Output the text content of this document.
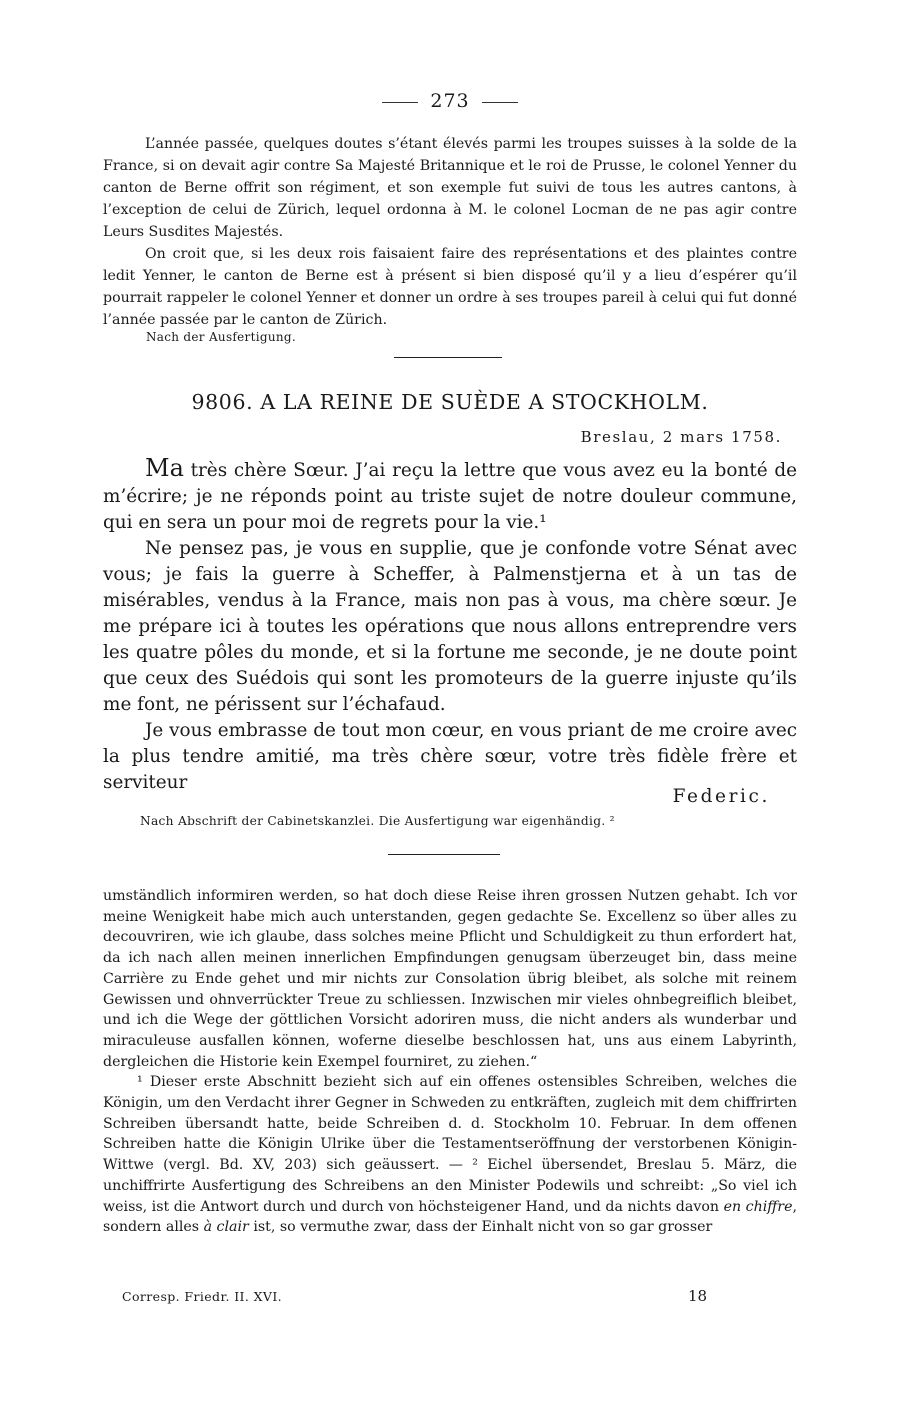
273

L’année passée, quelques doutes s’étant élevés parmi les troupes suisses à la solde de la France, si on devait agir contre Sa Majesté Britannique et le roi de Prusse, le colonel Yenner du canton de Berne offrit son régiment, et son exemple fut suivi de tous les autres cantons, à l’exception de celui de Zürich, lequel ordonna à M. le colonel Locman de ne pas agir contre Leurs Susdites Majestés.

On croit que, si les deux rois faisaient faire des représentations et des plaintes contre ledit Yenner, le canton de Berne est à présent si bien disposé qu’il y a lieu d’espérer qu’il pourrait rappeler le colonel Yenner et donner un ordre à ses troupes pareil à celui qui fut donné l’année passée par le canton de Zürich.

Nach der Ausfertigung.
9806. A LA REINE DE SUÈDE A STOCKHOLM.
Breslau, 2 mars 1758.

Ma très chère Sœur. J’ai reçu la lettre que vous avez eu la bonté de m’écrire; je ne réponds point au triste sujet de notre douleur commune, qui en sera un pour moi de regrets pour la vie.¹

Ne pensez pas, je vous en supplie, que je confonde votre Sénat avec vous; je fais la guerre à Scheffer, à Palmenstjerna et à un tas de misérables, vendus à la France, mais non pas à vous, ma chère sœur. Je me prépare ici à toutes les opérations que nous allons entreprendre vers les quatre pôles du monde, et si la fortune me seconde, je ne doute point que ceux des Suédois qui sont les promoteurs de la guerre injuste qu’ils me font, ne périssent sur l’échafaud.

Je vous embrasse de tout mon cœur, en vous priant de me croire avec la plus tendre amitié, ma très chère sœur, votre très fidèle frère et serviteur

Federic.
Nach Abschrift der Cabinetskanzlei. Die Ausfertigung war eigenhändig. ²

umständlich informiren werden, so hat doch diese Reise ihren grossen Nutzen gehabt. Ich vor meine Wenigkeit habe mich auch unterstanden, gegen gedachte Se. Excellenz so über alles zu decouvriren, wie ich glaube, dass solches meine Pflicht und Schuldigkeit zu thun erfordert hat, da ich nach allen meinen innerlichen Empfindungen genugsam überzeuget bin, dass meine Carrière zu Ende gehet und mir nichts zur Consolation übrig bleibet, als solche mit reinem Gewissen und ohnverrückter Treue zu schliessen. Inzwischen mir vieles ohnbegreiflich bleibet, und ich die Wege der göttlichen Vorsicht adoriren muss, die nicht anders als wunderbar und miraculeuse ausfallen können, woferne dieselbe beschlossen hat, uns aus einem Labyrinth, dergleichen die Historie kein Exempel fourniret, zu ziehen.“

¹ Dieser erste Abschnitt bezieht sich auf ein offenes ostensibles Schreiben, welches die Königin, um den Verdacht ihrer Gegner in Schweden zu entkräften, zugleich mit dem chiffrirten Schreiben übersandt hatte, beide Schreiben d. d. Stockholm 10. Februar. In dem offenen Schreiben hatte die Königin Ulrike über die Testamentseröffnung der verstorbenen Königin-Wittwe (vergl. Bd. XV, 203) sich geäussert. — ² Eichel übersendet, Breslau 5. März, die unchiffrirte Ausfertigung des Schreibens an den Minister Podewils und schreibt: „So viel ich weiss, ist die Antwort durch und durch von höchsteigener Hand, und da nichts davon en chiffre, sondern alles à clair ist, so vermuthe zwar, dass der Einhalt nicht von so gar grosser

Corresp. Friedr. II. XVI.	18
